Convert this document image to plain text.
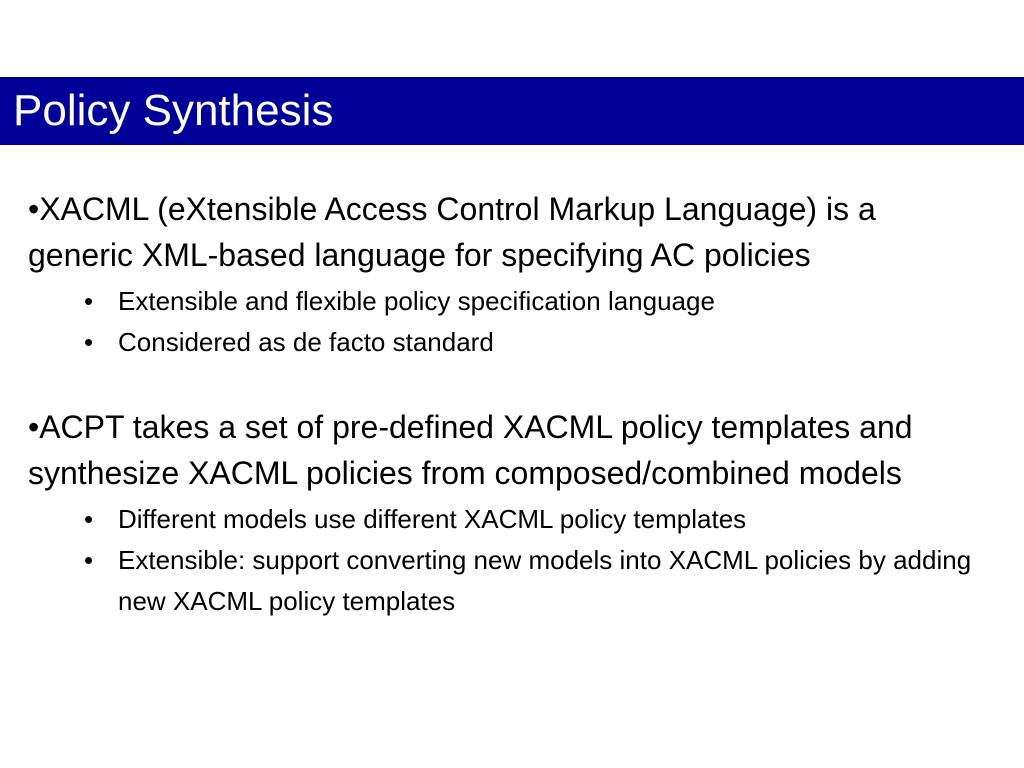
Policy Synthesis

•XACML (eXtensible Access Control Markup Language) is a generic XML-based language for specifying AC policies

• Extensible and flexible policy specification language
• Considered as de facto standard

•ACPT takes a set of pre-defined XACML policy templates and synthesize XACML policies from composed/combined models

• Different models use different XACML policy templates
• Extensible: support converting new models into XACML policies by adding new XACML policy templates
